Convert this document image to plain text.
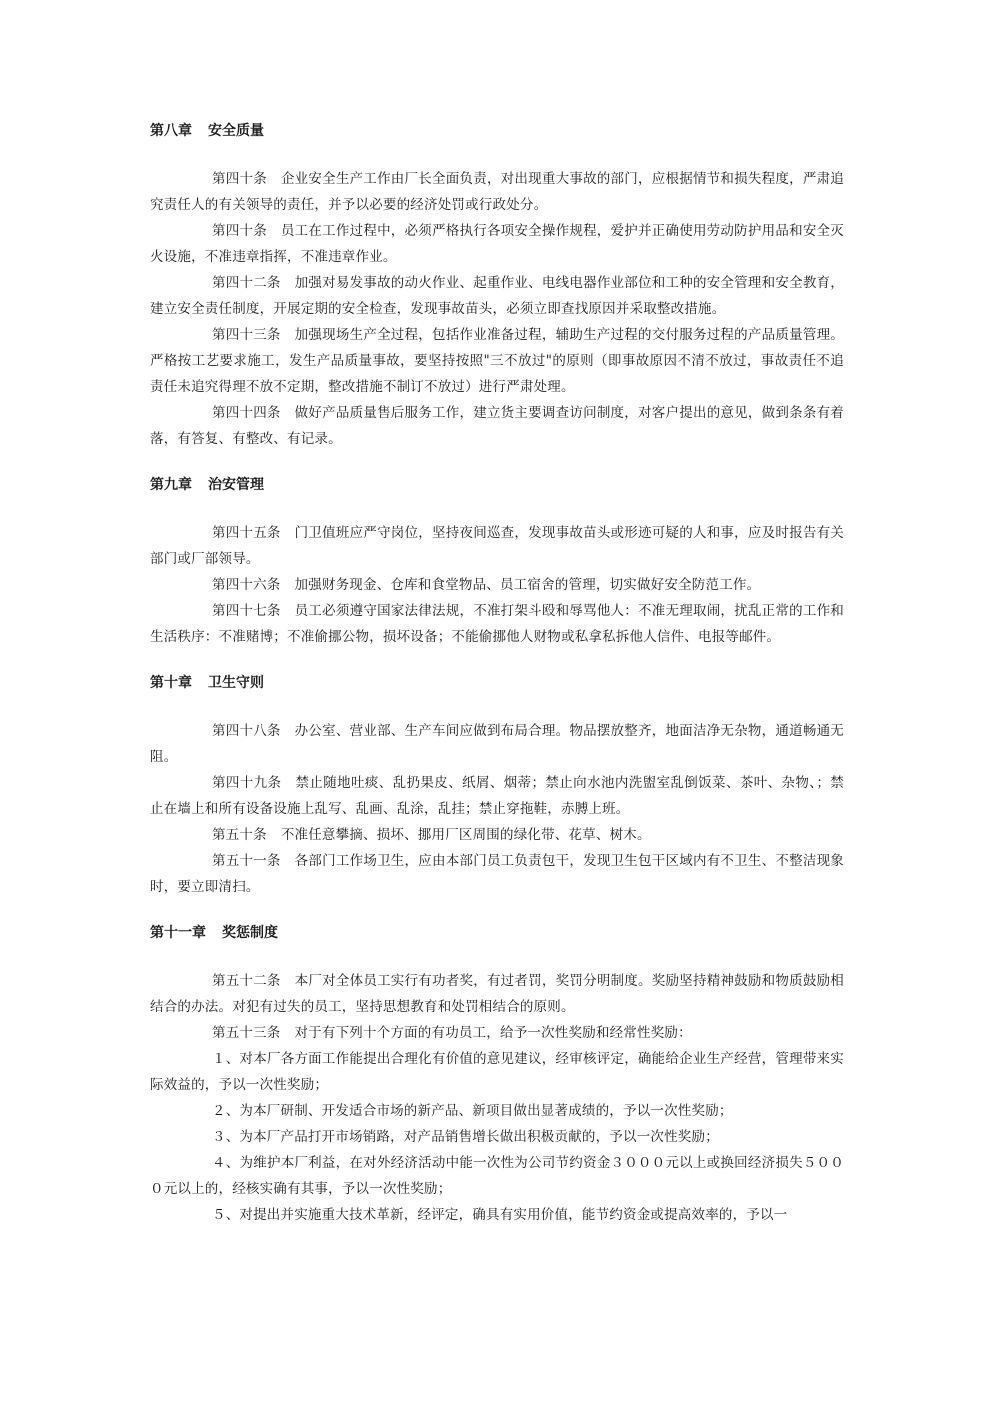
第八章 安全质量

第四十条 企业安全生产工作由厂长全面负责，对出现重大事故的部门，应根据情节和损失程度，严肃追究责任人的有关领导的责任，并予以必要的经济处罚或行政处分。

第四十条 员工在工作过程中，必须严格执行各项安全操作规程，爱护并正确使用劳动防护用品和安全灭火设施，不准违章指挥，不准违章作业。

第四十二条 加强对易发事故的动火作业、起重作业、电线电器作业部位和工种的安全管理和安全教育，建立安全责任制度，开展定期的安全检查，发现事故苗头，必须立即查找原因并采取整改措施。

第四十三条 加强现场生产全过程，包括作业准备过程，辅助生产过程的交付服务过程的产品质量管理。严格按工艺要求施工，发生产品质量事故，要坚持按照"三不放过"的原则（即事故原因不清不放过，事故责任不追责任未追究得理不放不定期，整改措施不制订不放过）进行严肃处理。

第四十四条 做好产品质量售后服务工作，建立货主要调查访问制度，对客户提出的意见，做到条条有着落，有答复、有整改、有记录。

第九章 治安管理

第四十五条 门卫值班应严守岗位，坚持夜间巡查，发现事故苗头或形迹可疑的人和事，应及时报告有关部门或厂部领导。

第四十六条 加强财务现金、仓库和食堂物品、员工宿舍的管理，切实做好安全防范工作。

第四十七条 员工必须遵守国家法律法规，不准打架斗殴和辱骂他人：不准无理取闹，扰乱正常的工作和生活秩序：不准赌博；不准偷挪公物，损坏设备；不能偷挪他人财物或私拿私拆他人信件、电报等邮件。

第十章 卫生守则

第四十八条 办公室、营业部、生产车间应做到布局合理。物品摆放整齐，地面洁净无杂物，通道畅通无阻。

第四十九条 禁止随地吐痰、乱扔果皮、纸屑、烟蒂；禁止向水池内洗盥室乱倒饭菜、茶叶、杂物、；禁止在墙上和所有设备设施上乱写、乱画、乱涂，乱挂；禁止穿拖鞋，赤膊上班。

第五十条 不准任意攀摘、损坏、挪用厂区周围的绿化带、花草、树木。

第五十一条 各部门工作场卫生，应由本部门员工负责包干，发现卫生包干区域内有不卫生、不整洁现象时，要立即清扫。

第十一章 奖惩制度

第五十二条 本厂对全体员工实行有功者奖，有过者罚，奖罚分明制度。奖励坚持精神鼓励和物质鼓励相结合的办法。对犯有过失的员工，坚持思想教育和处罚相结合的原则。

第五十三条 对于有下列十个方面的有功员工，给予一次性奖励和经常性奖励：

１、对本厂各方面工作能提出合理化有价值的意见建议，经审核评定，确能给企业生产经营，管理带来实际效益的，予以一次性奖励；

２、为本厂研制、开发适合市场的新产品、新项目做出显著成绩的，予以一次性奖励；

３、为本厂产品打开市场销路，对产品销售增长做出积极贡献的，予以一次性奖励；

４、为维护本厂利益，在对外经济活动中能一次性为公司节约资金３０００元以上或换回经济损失５０００元以上的，经核实确有其事，予以一次性奖励；

５、对提出并实施重大技术革新，经评定，确具有实用价值，能节约资金或提高效率的，予以一
